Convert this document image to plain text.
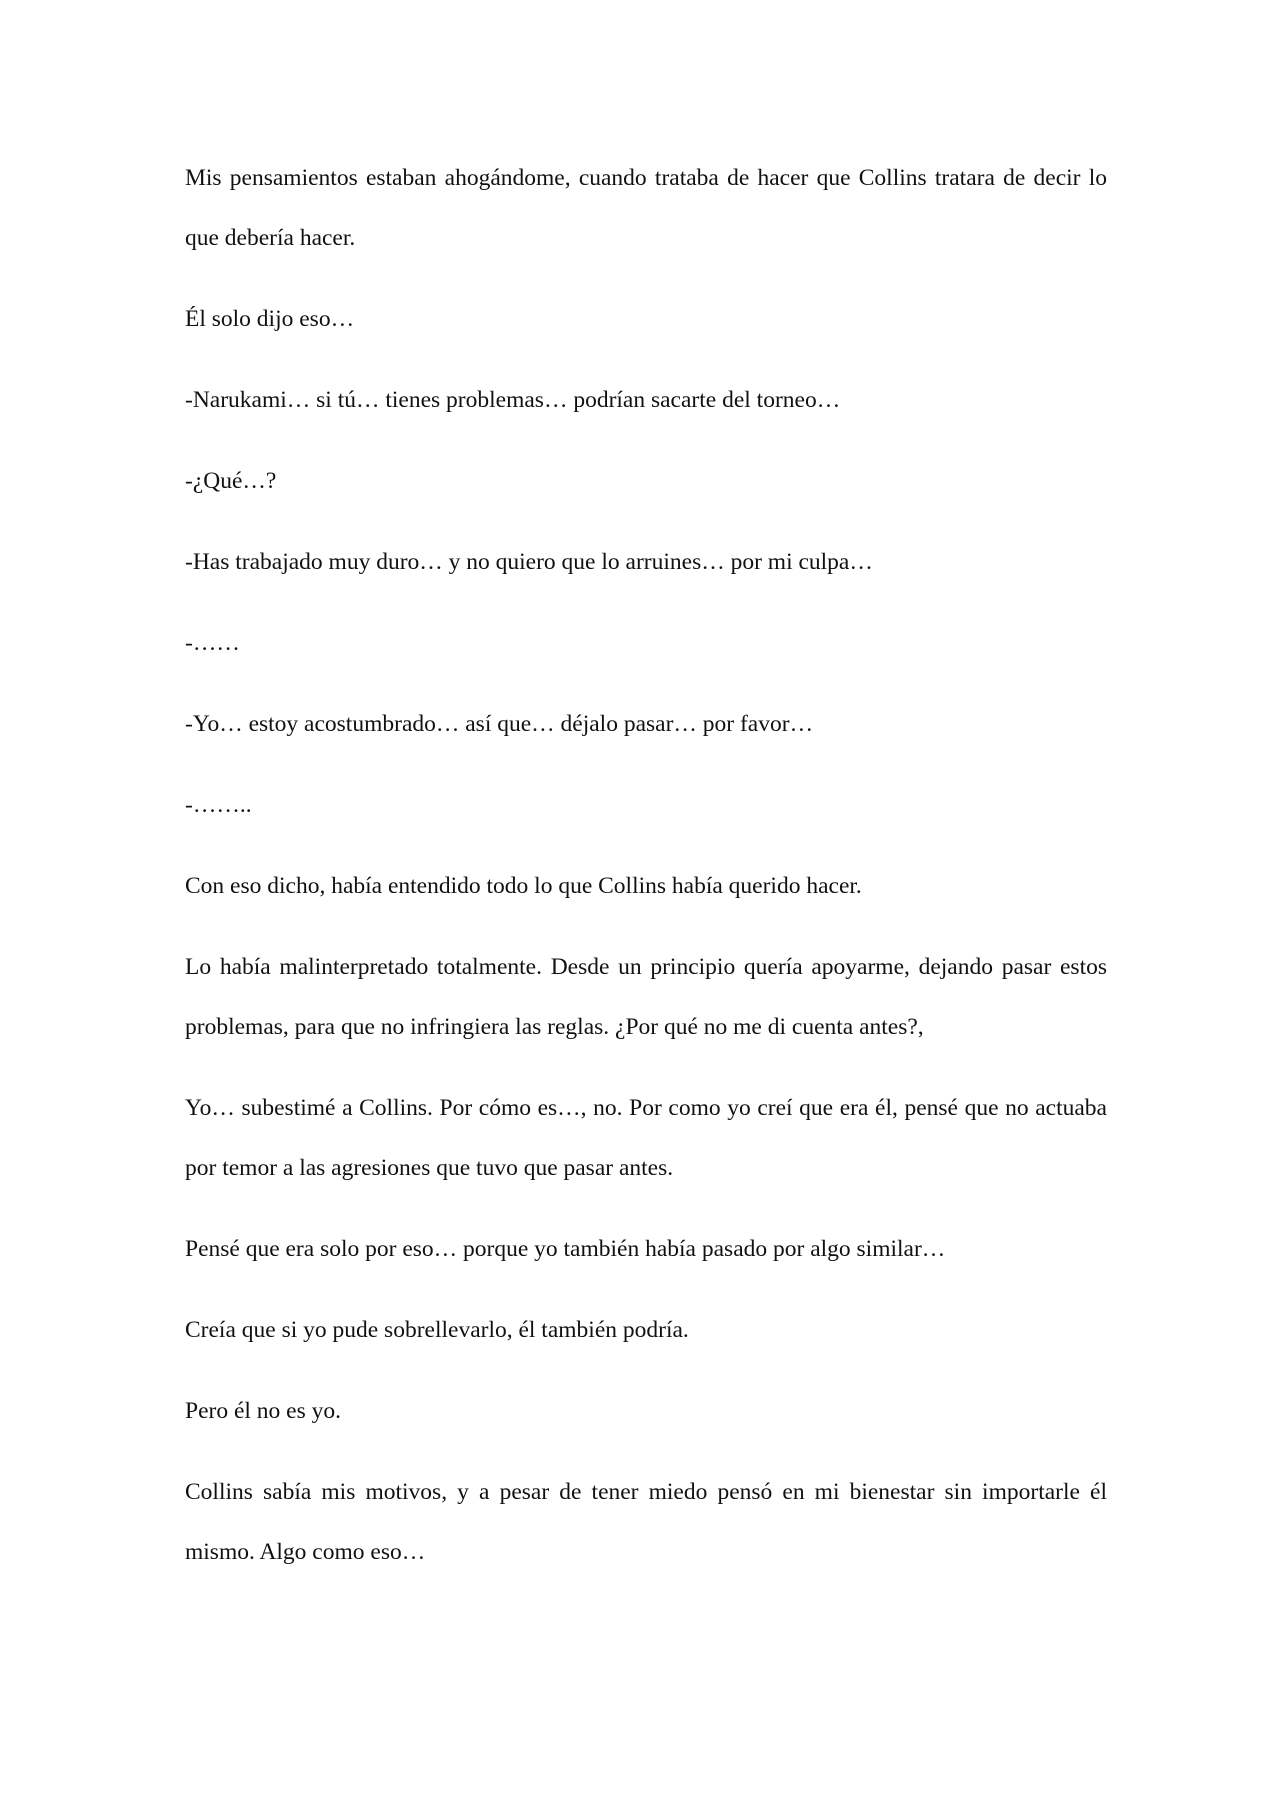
Mis pensamientos estaban ahogándome, cuando trataba de hacer que Collins tratara de decir lo que debería hacer.

Él solo dijo eso…

-Narukami… si tú… tienes problemas… podrían sacarte del torneo…

-¿Qué…?

-Has trabajado muy duro… y no quiero que lo arruines… por mi culpa…

-……

-Yo… estoy acostumbrado… así que… déjalo pasar… por favor…

-……..

Con eso dicho, había entendido todo lo que Collins había querido hacer.

Lo había malinterpretado totalmente. Desde un principio quería apoyarme, dejando pasar estos problemas, para que no infringiera las reglas. ¿Por qué no me di cuenta antes?,

Yo… subestimé a Collins. Por cómo es…, no. Por como yo creí que era él, pensé que no actuaba por temor a las agresiones que tuvo que pasar antes.

Pensé que era solo por eso… porque yo también había pasado por algo similar…

Creía que si yo pude sobrellevarlo, él también podría.

Pero él no es yo.

Collins sabía mis motivos, y a pesar de tener miedo pensó en mi bienestar sin importarle él mismo. Algo como eso…
